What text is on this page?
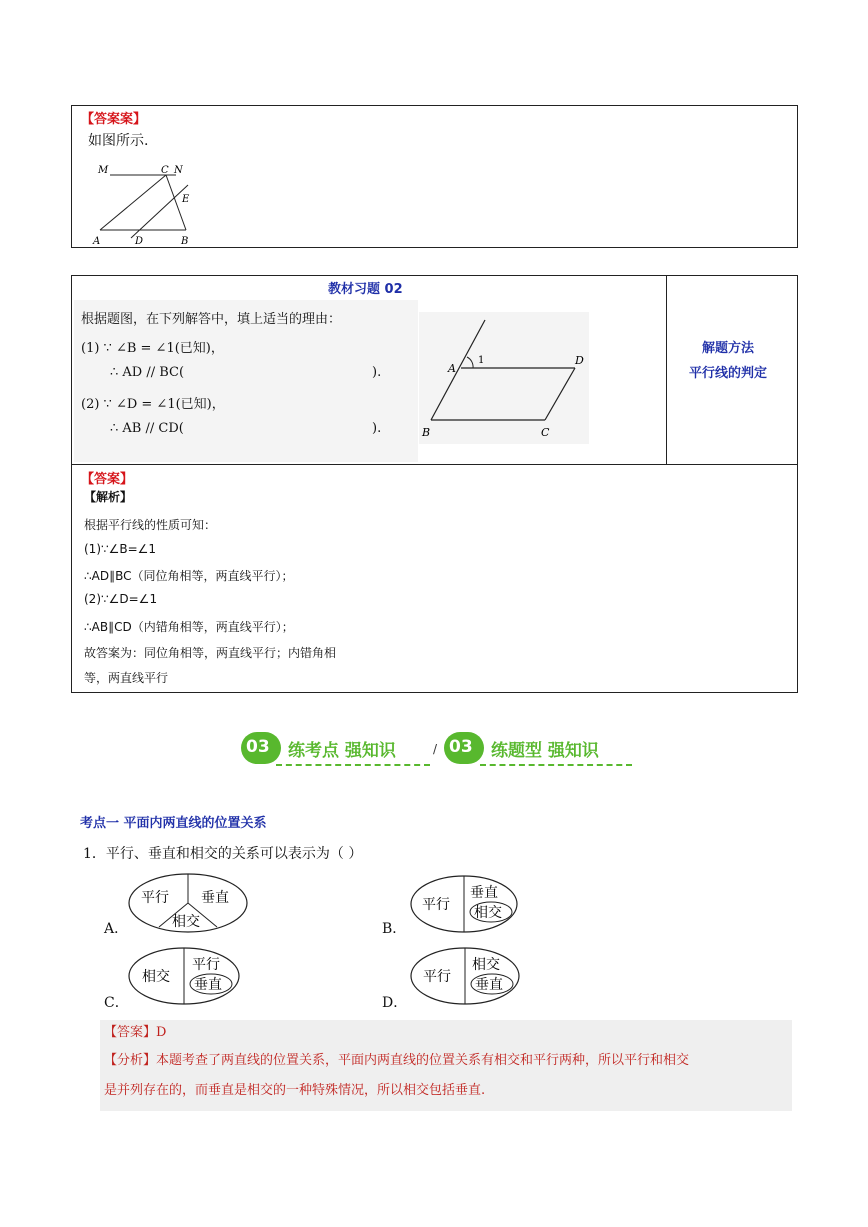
【答案案】
如图所示.
M	C N
E
A	D	B
教材习题 02
根据题图，在下列解答中，填上适当的理由：
(1) ∵ ∠B = ∠1(已知)，
∴ AD // BC(	).
(2) ∵ ∠D = ∠1(已知)，
∴ AB // CD(	).
A
1	D
B	C
解题方法
平行线的判定
【答案】
【解析】
根据平行线的性质可知：
(1)∵∠B=∠1
∴AD∥BC（同位角相等，两直线平行）；
(2)∵∠D=∠1
∴AB∥CD（内错角相等，两直线平行）；
故答案为：同位角相等，两直线平行；内错角相
等，两直线平行
03 练考点 强知识	/ 03 练题型 强知识
考点一 平面内两直线的位置关系
1．平行、垂直和相交的关系可以表示为（ ）
A．
平行 垂直
相交	B．
平行
垂直
相交
C．
相交
平行
垂直
D．
平行
相交
垂直
【答案】D
【分析】本题考查了两直线的位置关系，平面内两直线的位置关系有相交和平行两种，所以平行和相交
是并列存在的，而垂直是相交的一种特殊情况，所以相交包括垂直.
